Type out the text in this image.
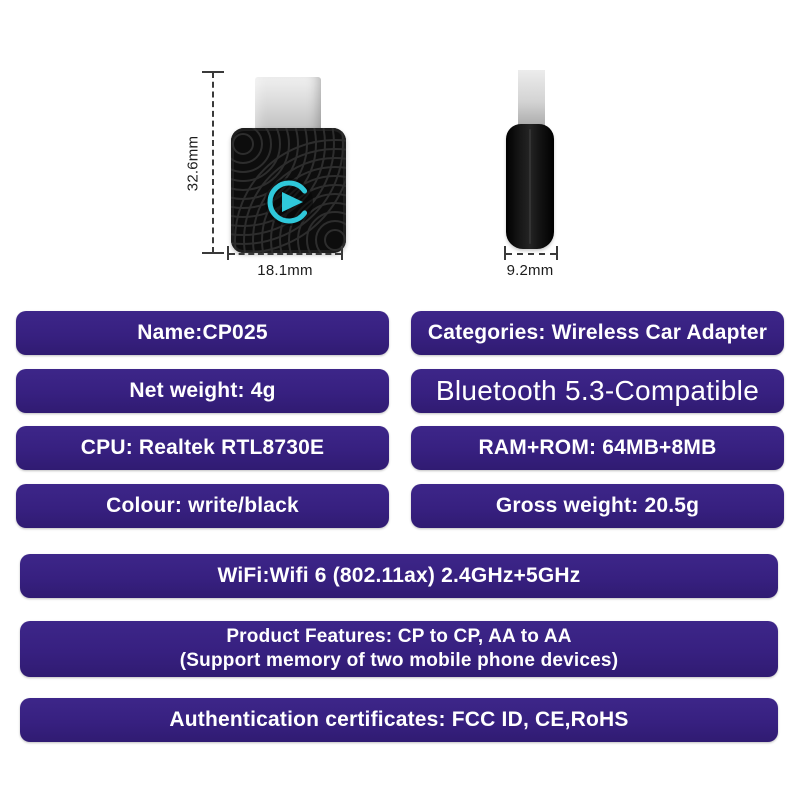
32.6mm
18.1mm	9.2mm
Name:CP025	Categories: Wireless Car Adapter
Net weight: 4g	Bluetooth 5.3-Compatible
CPU: Realtek RTL8730E	RAM+ROM: 64MB+8MB
Colour: write/black	Gross weight: 20.5g
WiFi:Wifi 6 (802.11ax) 2.4GHz+5GHz
Product Features: CP to CP, AA to AA
(Support memory of two mobile phone devices)
Authentication certificates: FCC ID, CE,RoHS
